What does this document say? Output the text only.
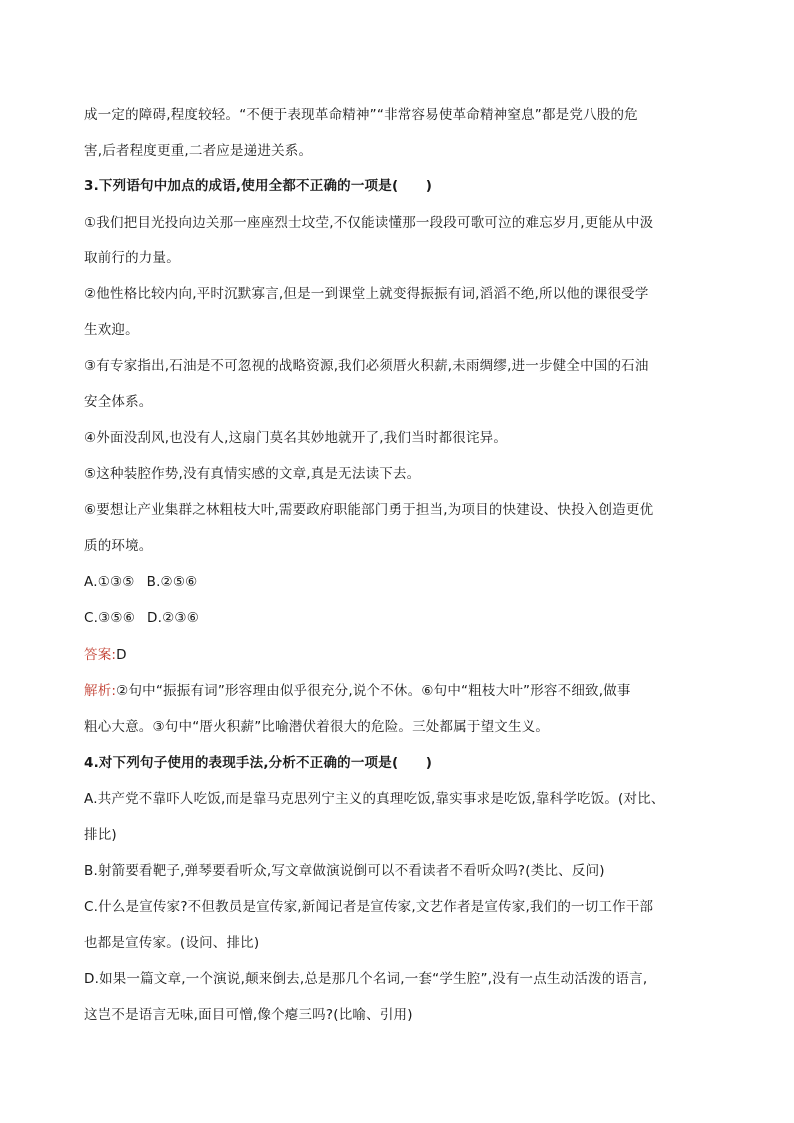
成一定的障碍,程度较轻。“不便于表现革命精神”“非常容易使革命精神窒息”都是党八股的危
害,后者程度更重,二者应是递进关系。
3.下列语句中加点的成语,使用全都不正确的一项是(　　)
①我们把目光投向边关那一座座烈士坟茔,不仅能读懂那一段段可歌可泣的难忘岁月,更能从中汲
取前行的力量。
②他性格比较内向,平时沉默寡言,但是一到课堂上就变得振振有词,滔滔不绝,所以他的课很受学
生欢迎。
③有专家指出,石油是不可忽视的战略资源,我们必须厝火积薪,未雨绸缪,进一步健全中国的石油
安全体系。
④外面没刮风,也没有人,这扇门莫名其妙地就开了,我们当时都很诧异。
⑤这种装腔作势,没有真情实感的文章,真是无法读下去。
⑥要想让产业集群之林粗枝大叶,需要政府职能部门勇于担当,为项目的快建设、快投入创造更优
质的环境。
A.①③⑤ B.②⑤⑥
C.③⑤⑥ D.②③⑥
答案:D
解析:②句中“振振有词”形容理由似乎很充分,说个不休。⑥句中“粗枝大叶”形容不细致,做事
粗心大意。③句中“厝火积薪”比喻潜伏着很大的危险。三处都属于望文生义。
4.对下列句子使用的表现手法,分析不正确的一项是(　　)
A.共产党不靠吓人吃饭,而是靠马克思列宁主义的真理吃饭,靠实事求是吃饭,靠科学吃饭。(对比、
排比)
B.射箭要看靶子,弹琴要看听众,写文章做演说倒可以不看读者不看听众吗?(类比、反问)
C.什么是宣传家?不但教员是宣传家,新闻记者是宣传家,文艺作者是宣传家,我们的一切工作干部
也都是宣传家。(设问、排比)
D.如果一篇文章,一个演说,颠来倒去,总是那几个名词,一套“学生腔”,没有一点生动活泼的语言,
这岂不是语言无味,面目可憎,像个瘪三吗?(比喻、引用)
